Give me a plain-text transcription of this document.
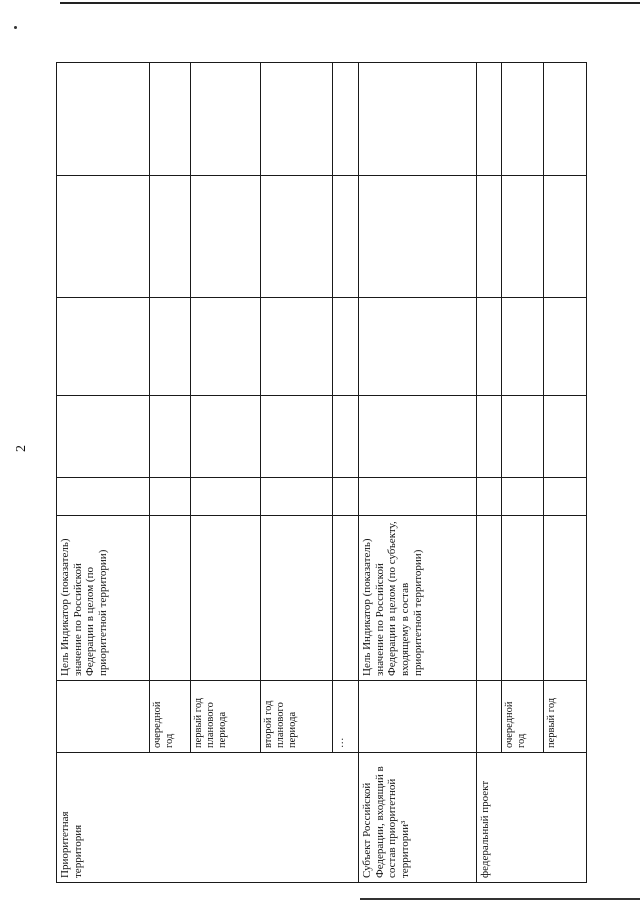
2
Приоритетная территория		Цель Индикатор (показатель) значение по Российской Федерации в целом (по приоритетной территории)					
	очередной год						
	первый год планового периода						
	второй год планового периода						
	…						
Субъект Российской Федерации, входящий в состав приоритетной территории³		Цель Индикатор (показатель) значение по Российской Федерации в целом (по субъекту, входящему в состав приоритетной территории)					
федеральный проект							
	очередной год						
	первый год						
